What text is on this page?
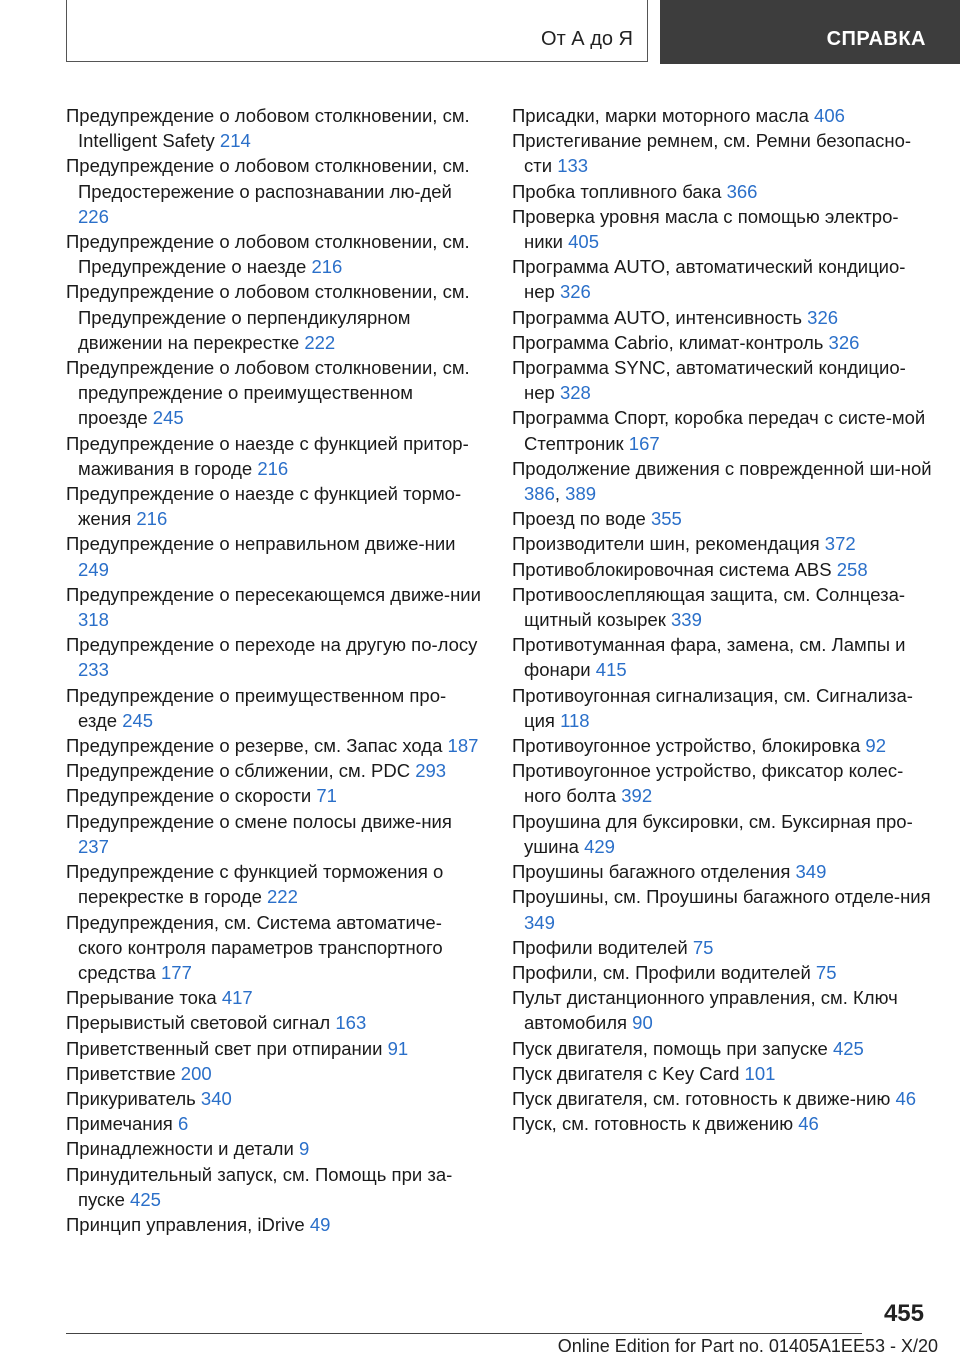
От А до Я	СПРАВКА
Предупреждение о лобовом столкновении, см. Intelligent Safety 214
Предупреждение о лобовом столкновении, см. Предостережение о распознавании лю-дей 226
Предупреждение о лобовом столкновении, см. Предупреждение о наезде 216
Предупреждение о лобовом столкновении, см. Предупреждение о перпендикулярном движении на перекрестке 222
Предупреждение о лобовом столкновении, см. предупреждение о преимущественном проезде 245
Предупреждение о наезде с функцией притор-маживания в городе 216
Предупреждение о наезде с функцией тормо-жения 216
Предупреждение о неправильном движе-нии 249
Предупреждение о пересекающемся движе-нии 318
Предупреждение о переходе на другую по-лосу 233
Предупреждение о преимущественном про-езде 245
Предупреждение о резерве, см. Запас хода 187
Предупреждение о сближении, см. PDC 293
Предупреждение о скорости 71
Предупреждение о смене полосы движе-ния 237
Предупреждение с функцией торможения о перекрестке в городе 222
Предупреждения, см. Система автоматиче-ского контроля параметров транспортного средства 177
Прерывание тока 417
Прерывистый световой сигнал 163
Приветственный свет при отпирании 91
Приветствие 200
Прикуриватель 340
Примечания 6
Принадлежности и детали 9
Принудительный запуск, см. Помощь при за-пуске 425
Принцип управления, iDrive 49
Присадки, марки моторного масла 406
Пристегивание ремнем, см. Ремни безопасно-сти 133
Пробка топливного бака 366
Проверка уровня масла с помощью электро-ники 405
Программа AUTO, автоматический кондицио-нер 326
Программа AUTO, интенсивность 326
Программа Cabrio, климат-контроль 326
Программа SYNC, автоматический кондицио-нер 328
Программа Спорт, коробка передач с систе-мой Стептроник 167
Продолжение движения с поврежденной ши-ной 386, 389
Проезд по воде 355
Производители шин, рекомендация 372
Противоблокировочная система ABS 258
Противоослепляющая защита, см. Солнцеза-щитный козырек 339
Противотуманная фара, замена, см. Лампы и фонари 415
Противоугонная сигнализация, см. Сигнализа-ция 118
Противоугонное устройство, блокировка 92
Противоугонное устройство, фиксатор колес-ного болта 392
Проушина для буксировки, см. Буксирная про-ушина 429
Проушины багажного отделения 349
Проушины, см. Проушины багажного отделе-ния 349
Профили водителей 75
Профили, см. Профили водителей 75
Пульт дистанционного управления, см. Ключ автомобиля 90
Пуск двигателя, помощь при запуске 425
Пуск двигателя с Key Card 101
Пуск двигателя, см. готовность к движе-нию 46
Пуск, см. готовность к движению 46
455
Online Edition for Part no. 01405A1EE53 - X/20
